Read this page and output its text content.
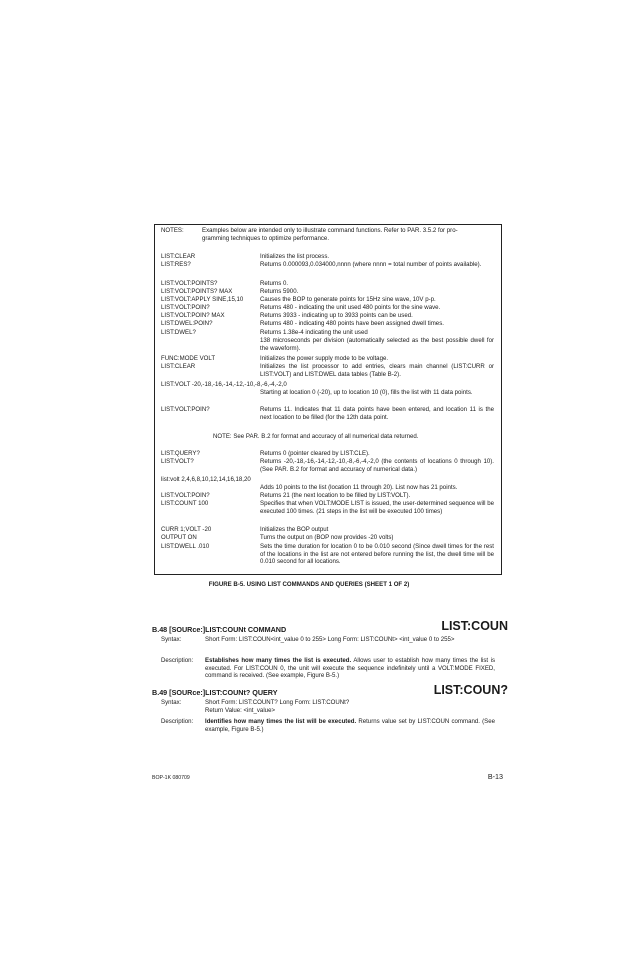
NOTES:	Examples below are intended only to illustrate command functions. Refer to PAR. 3.5.2 for pro-
gramming techniques to optimize performance.
LIST:CLEAR	Initializes the list process.
LIST:RES?	Returns 0.000093,0.034000,nnnn (where nnnn = total number of points available).
LIST:VOLT:POINTS?	Returns 0.
LIST:VOLT:POINTS? MAX	Returns 5900.
LIST:VOLT:APPLY SINE,15,10	Causes the BOP to generate points for 15Hz sine wave, 10V p-p.
LIST:VOLT:POIN?	Returns 480 - indicating the unit used 480 points for the sine wave.
LIST:VOLT:POIN? MAX	Returns 3933 - indicating up to 3933 points can be used.
LIST:DWEL:POIN?	Returns 480 - indicating 480 points have been assigned dwell times.
LIST:DWEL?	Returns 1.38e-4 indicating the unit used
138 microseconds per division (automatically selected as the best possible dwell for the waveform).
FUNC:MODE VOLT	Initializes the power supply mode to be voltage.
LIST:CLEAR	Initializes the list processor to add entries, clears main channel (LIST:CURR or LIST:VOLT) and LIST:DWEL data tables (Table B-2).
LIST:VOLT -20,-18,-16,-14,-12,-10,-8,-6,-4,-2,0
Starting at location 0 (-20), up to location 10 (0), fills the list with 11 data points.
LIST:VOLT:POIN?	Returns 11. Indicates that 11 data points have been entered, and location 11 is the next location to be filled (for the 12th data point.
NOTE: See PAR. B.2 for format and accuracy of all numerical data returned.
LIST:QUERY?	Returns 0 (pointer cleared by LIST:CLE).
LIST:VOLT?	Returns -20,-18,-16,-14,-12,-10,-8,-6,-4,-2,0 (the contents of locations 0 through 10). (See PAR. B.2 for format and accuracy of numerical data.)
list:volt 2,4,6,8,10,12,14,16,18,20
Adds 10 points to the list (location 11 through 20). List now has 21 points.
LIST:VOLT:POIN?	Returns 21 (the next location to be filled by LIST:VOLT).
LIST:COUNT 100	Specifies that when VOLT:MODE LIST is issued, the user-determined sequence will be executed 100 times. (21 steps in the list will be executed 100 times)
CURR 1;VOLT -20	Initializes the BOP output
OUTPUT ON	Turns the output on (BOP now provides -20 volts)
LIST:DWELL .010	Sets the time duration for location 0 to be 0.010 second (Since dwell times for the rest of the locations in the list are not entered before running the list, the dwell time will be 0.010 second for all locations.
FIGURE B-5. USING LIST COMMANDS AND QUERIES (SHEET 1 OF 2)
B.48 [SOURce:]LIST:COUNt COMMAND	LIST:COUN
Syntax:	Short Form: LIST:COUN<int_value 0 to 255> Long Form: LIST:COUNt> <int_value 0 to 255>
Description: Establishes how many times the list is executed. Allows user to establish how many times the list is executed. For LIST:COUN 0, the unit will execute the sequence indefinitely until a VOLT:MODE FIXED, command is received. (See example, Figure B-5.)
B.49 [SOURce:]LIST:COUNt? QUERY	LIST:COUN?
Syntax:	Short Form: LIST:COUNT? Long Form: LIST:COUNt?
Return Value: <int_value>
Description: Identifies how many times the list will be executed. Returns value set by LIST:COUN command. (See example, Figure B-5.)
BOP-1K 080709	B-13
